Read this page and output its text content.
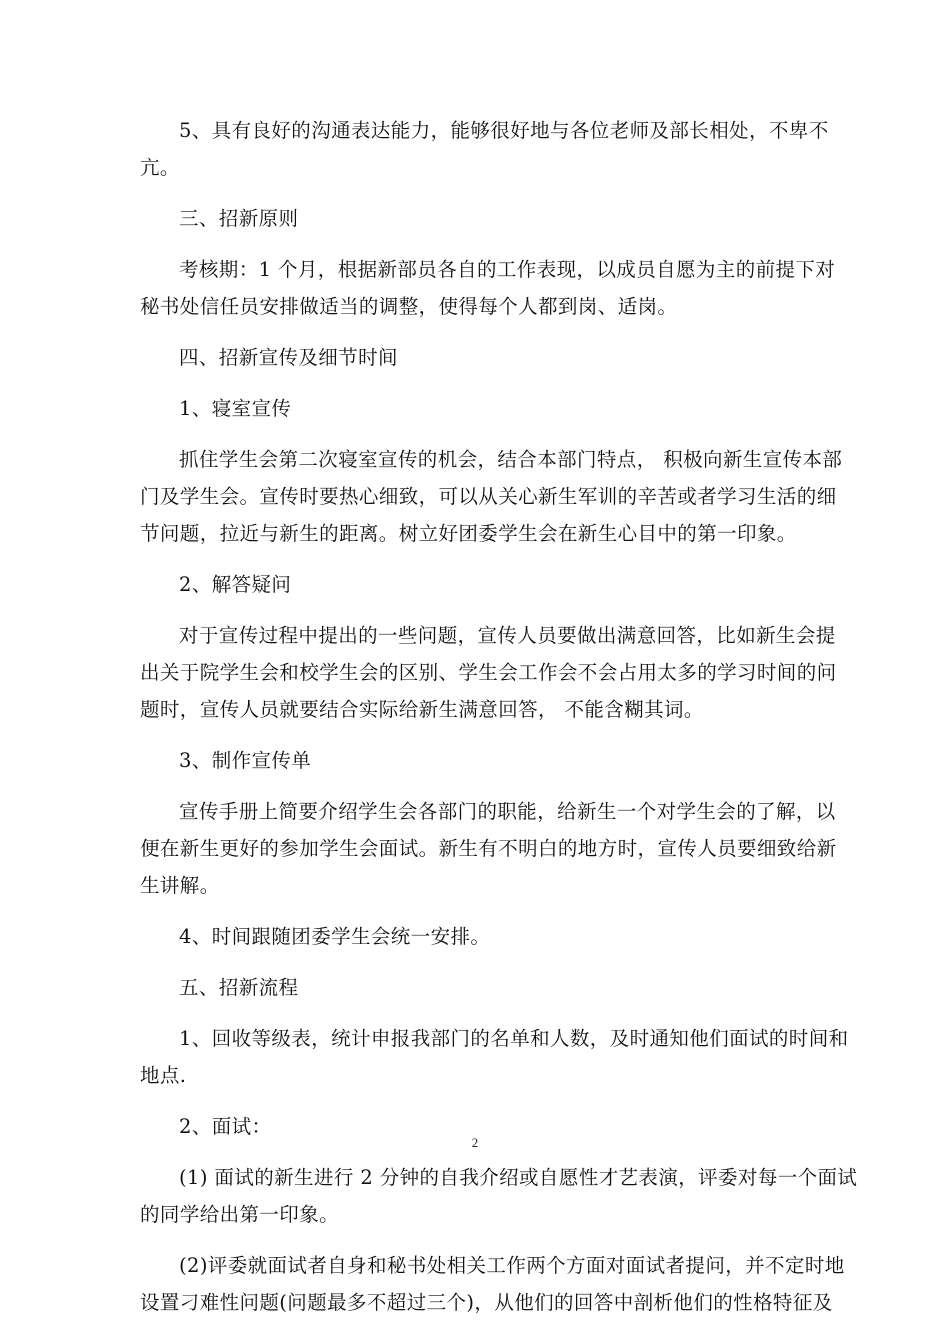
5、具有良好的沟通表达能力，能够很好地与各位老师及部长相处，不卑不
亢。

三、招新原则

考核期：1 个月，根据新部员各自的工作表现，以成员自愿为主的前提下对
秘书处信任员安排做适当的调整，使得每个人都到岗、适岗。

四、招新宣传及细节时间

1、寝室宣传

抓住学生会第二次寝室宣传的机会，结合本部门特点， 积极向新生宣传本部
门及学生会。宣传时要热心细致，可以从关心新生军训的辛苦或者学习生活的细
节问题，拉近与新生的距离。树立好团委学生会在新生心目中的第一印象。

2、解答疑问

对于宣传过程中提出的一些问题，宣传人员要做出满意回答，比如新生会提
出关于院学生会和校学生会的区别、学生会工作会不会占用太多的学习时间的问
题时，宣传人员就要结合实际给新生满意回答， 不能含糊其词。

3、制作宣传单

宣传手册上简要介绍学生会各部门的职能，给新生一个对学生会的了解，以
便在新生更好的参加学生会面试。新生有不明白的地方时，宣传人员要细致给新
生讲解。

4、时间跟随团委学生会统一安排。

五、招新流程

1、回收等级表，统计申报我部门的名单和人数，及时通知他们面试的时间和
地点.

2、面试：

(1) 面试的新生进行 2 分钟的自我介绍或自愿性才艺表演，评委对每一个面试
的同学给出第一印象。

(2)评委就面试者自身和秘书处相关工作两个方面对面试者提问，并不定时地
设置刁难性问题(问题最多不超过三个)，从他们的回答中剖析他们的性格特征及

2
